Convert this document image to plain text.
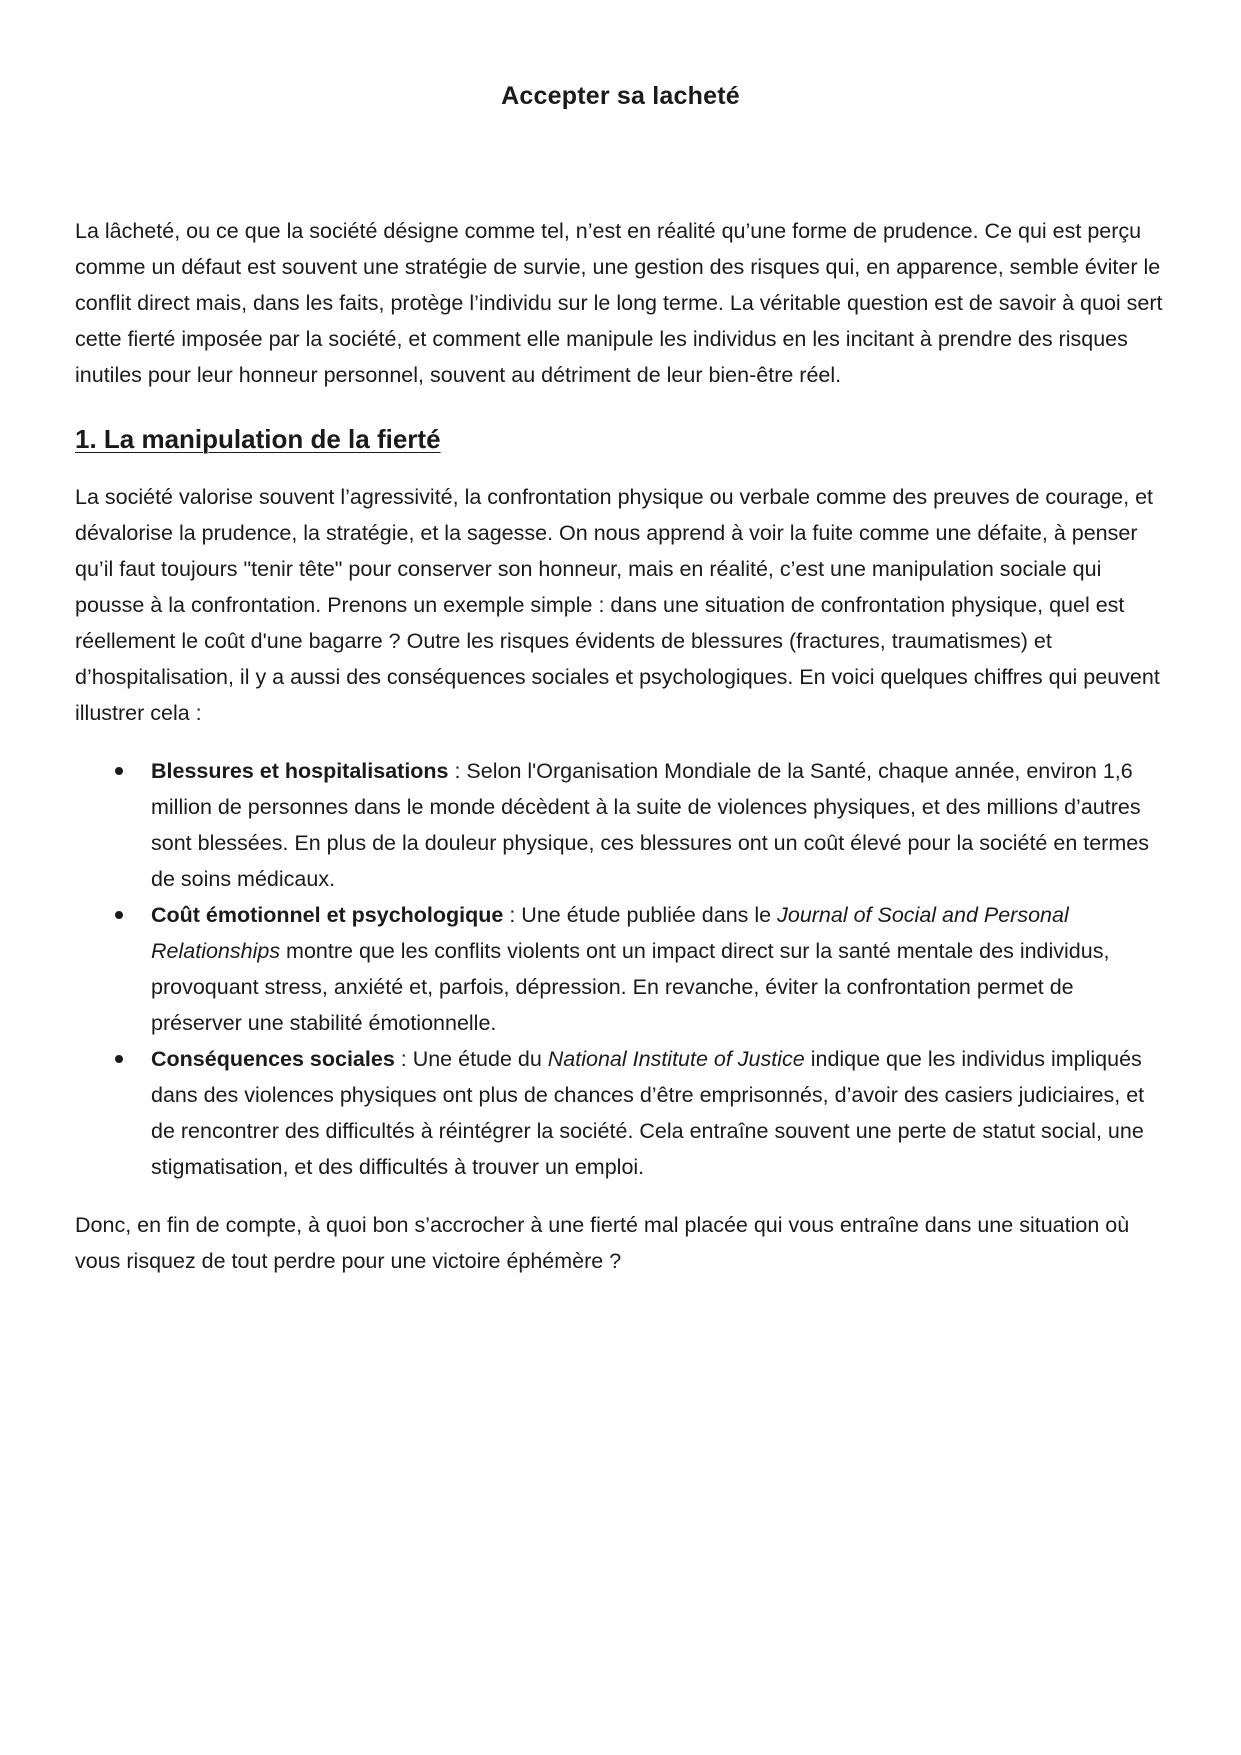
Accepter sa lacheté

La lâcheté, ou ce que la société désigne comme tel, n’est en réalité qu’une forme de prudence. Ce qui est perçu comme un défaut est souvent une stratégie de survie, une gestion des risques qui, en apparence, semble éviter le conflit direct mais, dans les faits, protège l’individu sur le long terme. La véritable question est de savoir à quoi sert cette fierté imposée par la société, et comment elle manipule les individus en les incitant à prendre des risques inutiles pour leur honneur personnel, souvent au détriment de leur bien-être réel.

1. La manipulation de la fierté

La société valorise souvent l’agressivité, la confrontation physique ou verbale comme des preuves de courage, et dévalorise la prudence, la stratégie, et la sagesse. On nous apprend à voir la fuite comme une défaite, à penser qu’il faut toujours "tenir tête" pour conserver son honneur, mais en réalité, c’est une manipulation sociale qui pousse à la confrontation. Prenons un exemple simple : dans une situation de confrontation physique, quel est réellement le coût d'une bagarre ? Outre les risques évidents de blessures (fractures, traumatismes) et d’hospitalisation, il y a aussi des conséquences sociales et psychologiques. En voici quelques chiffres qui peuvent illustrer cela :

Blessures et hospitalisations : Selon l'Organisation Mondiale de la Santé, chaque année, environ 1,6 million de personnes dans le monde décèdent à la suite de violences physiques, et des millions d’autres sont blessées. En plus de la douleur physique, ces blessures ont un coût élevé pour la société en termes de soins médicaux.
Coût émotionnel et psychologique : Une étude publiée dans le Journal of Social and Personal Relationships montre que les conflits violents ont un impact direct sur la santé mentale des individus, provoquant stress, anxiété et, parfois, dépression. En revanche, éviter la confrontation permet de préserver une stabilité émotionnelle.
Conséquences sociales : Une étude du National Institute of Justice indique que les individus impliqués dans des violences physiques ont plus de chances d’être emprisonnés, d’avoir des casiers judiciaires, et de rencontrer des difficultés à réintégrer la société. Cela entraîne souvent une perte de statut social, une stigmatisation, et des difficultés à trouver un emploi.

Donc, en fin de compte, à quoi bon s’accrocher à une fierté mal placée qui vous entraîne dans une situation où vous risquez de tout perdre pour une victoire éphémère ?
